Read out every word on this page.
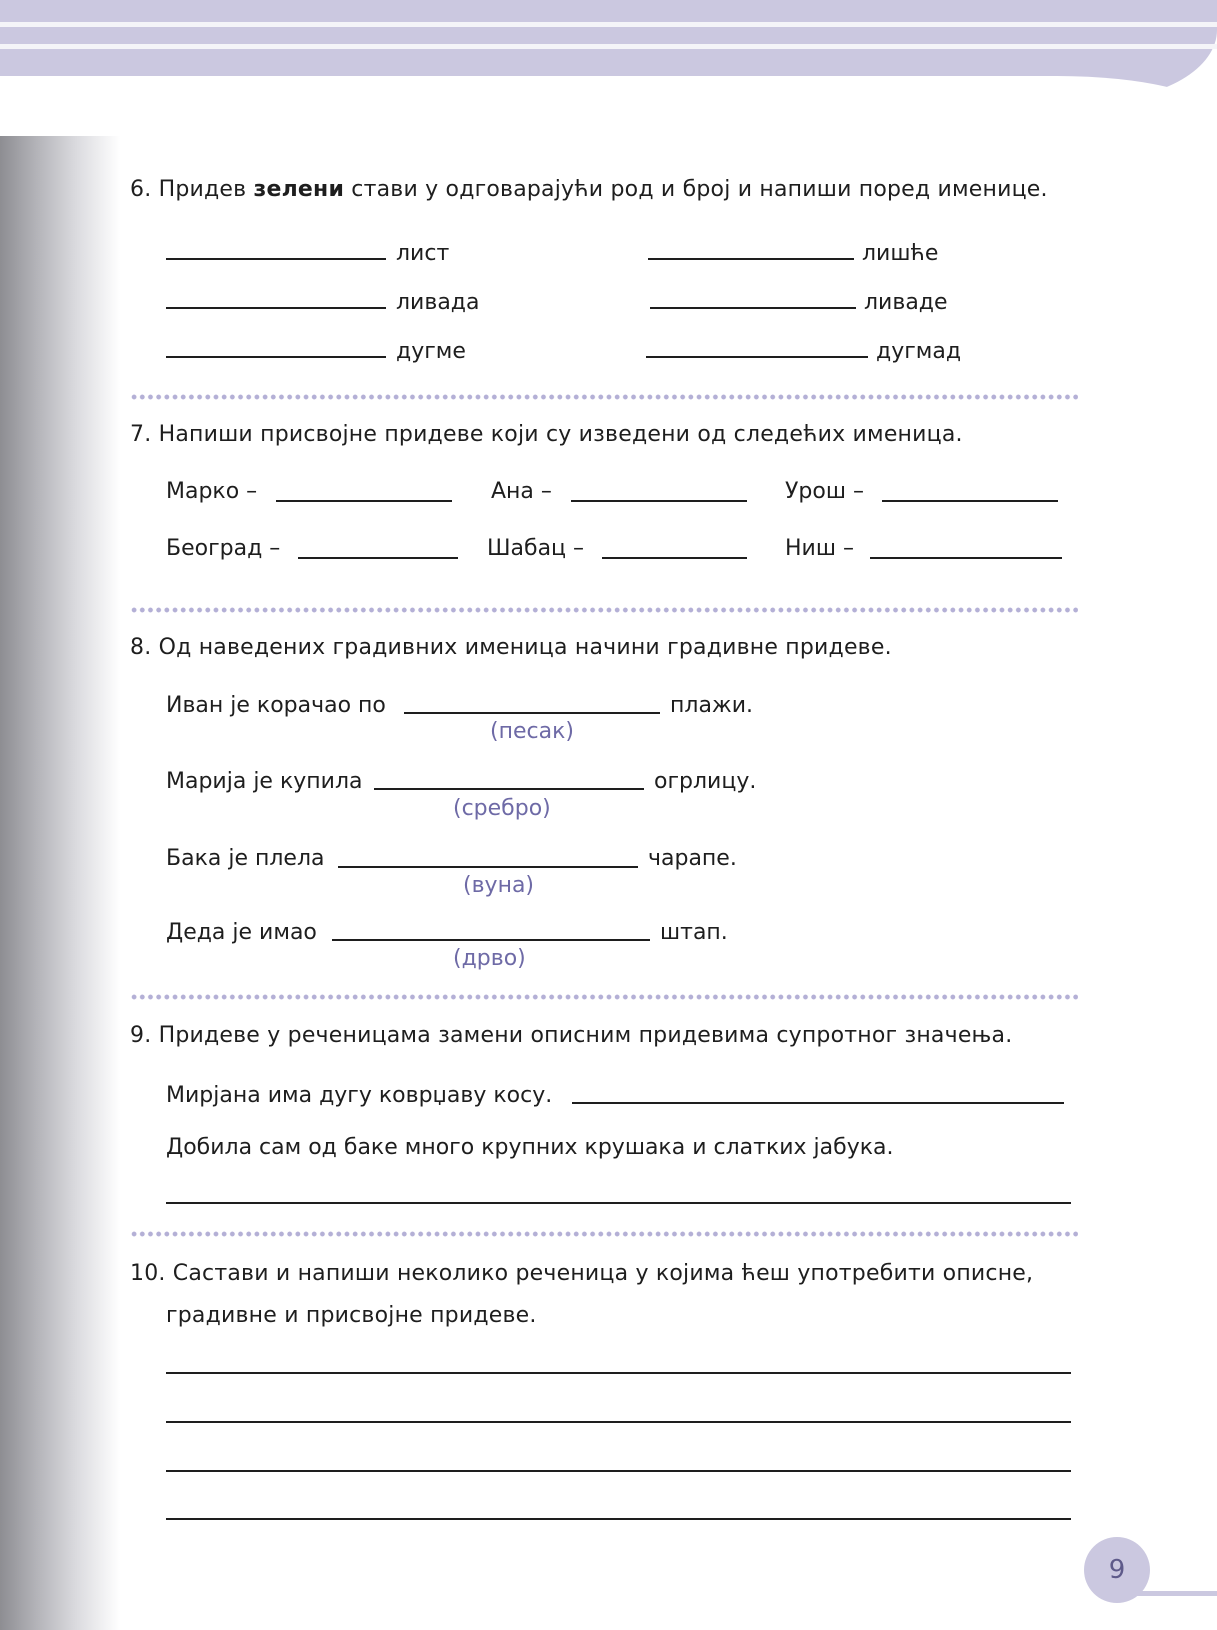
6. Придев зелени стави у одговарајући род и број и напиши поред именице.
лист	лишће
ливада	ливаде
дугме	дугмад
7. Напиши присвојне придеве који су изведени од следећих именица.
Марко –	Ана –	Урош –
Београд –	Шабац –	Ниш –
8. Од наведених градивних именица начини градивне придеве.
Иван је корачао по	плажи.
(песак)
Марија је купила	огрлицу.
(сребро)
Бака је плела	чарапе.
(вуна)
Деда је имао	штап.
(дрво)
9. Придеве у реченицама замени описним придевима супротног значења.
Мирјана има дугу коврџаву косу.
Добила сам од баке много крупних крушака и слатких јабука.
10. Састави и напиши неколико реченица у којима ћеш употребити описне,
градивне и присвојне придеве.
9
